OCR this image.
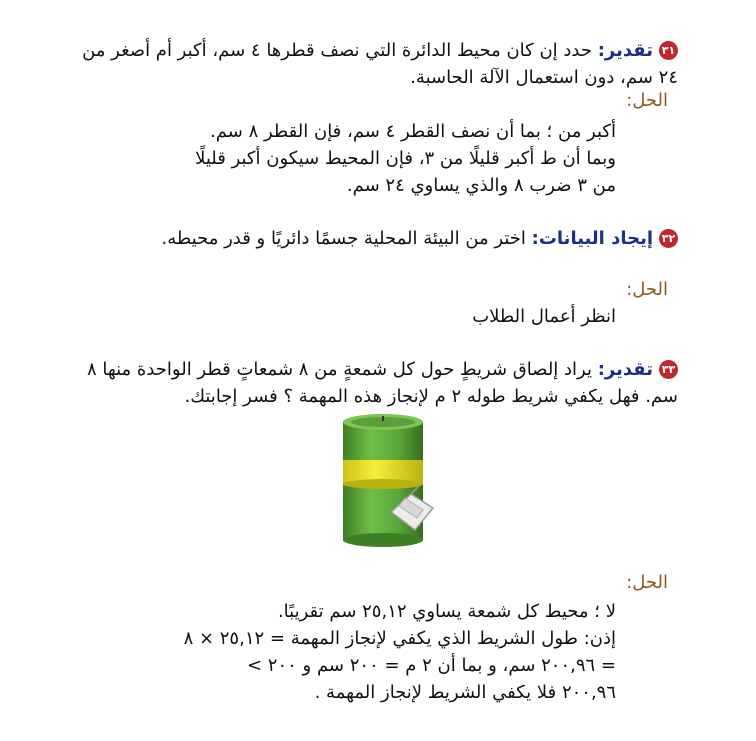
٣١تقدير: حدد إن كان محيط الدائرة التي نصف قطرها ٤ سم، أكبر أم أصغر من ٢٤ سم، دون استعمال الآلة الحاسبة.
الحل:
أكبر من ؛ بما أن نصف القطر ٤ سم، فإن القطر ٨ سم.
وبما أن ط أكبر قليلًا من ٣، فإن المحيط سيكون أكبر قليلًا
من ٣ ضرب ٨ والذي يساوي ٢٤ سم.
٣٢إيجاد البيانات: اختر من البيئة المحلية جسمًا دائريًا و قدر محيطه.
الحل:
انظر أعمال الطلاب
٣٣تقدير: يراد إلصاق شريطٍ حول كل شمعةٍ من ٨ شمعاتٍ قطر الواحدة منها ٨ سم. فهل يكفي شريط طوله ٢ م لإنجاز هذه المهمة ؟ فسر إجابتك.
الحل:
لا ؛ محيط كل شمعة يساوي ٢٥,١٢ سم تقريبًا.
إذن: طول الشريط الذي يكفي لإنجاز المهمة = ٢٥,١٢ × ٨
= ٢٠٠,٩٦ سم، و بما أن ٢ م = ٢٠٠ سم و ٢٠٠ >
٢٠٠,٩٦ فلا يكفي الشريط لإنجاز المهمة .
